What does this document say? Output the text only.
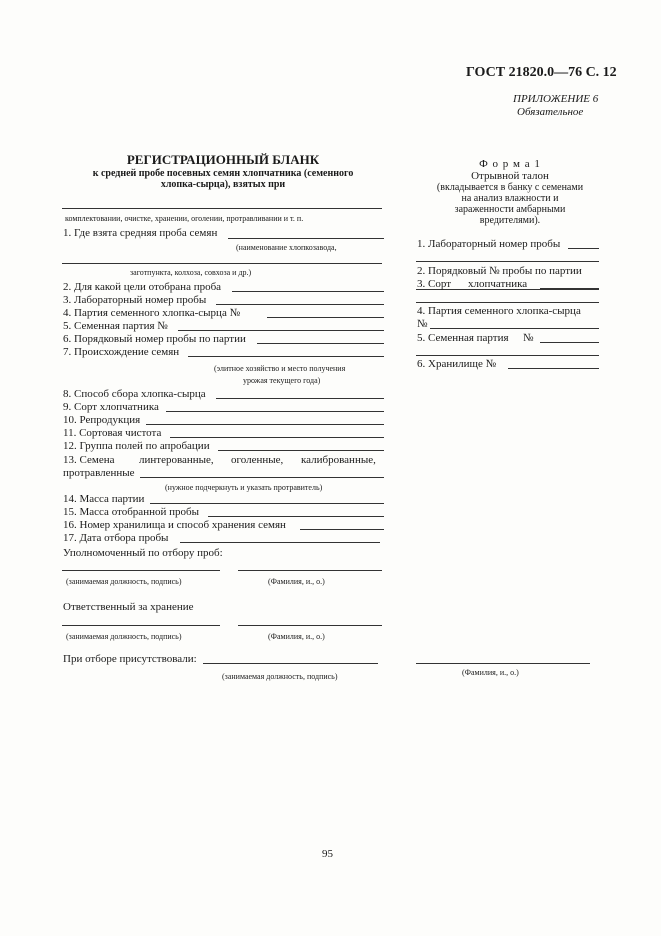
ГОСТ 21820.0—76 С. 12
ПРИЛОЖЕНИЕ 6
Обязательное
РЕГИСТРАЦИОННЫЙ БЛАНК
к средней пробе посевных семян хлопчатника (семенного
хлопка-сырца), взятых при
комплектовании, очистке, хранении, оголении, протравливании и т. п.
1. Где взята средняя проба семян
(наименование хлопкозавода,
заготпункта, колхоза, совхоза и др.)
2. Для какой цели отобрана проба
3. Лабораторный номер пробы
4. Партия семенного хлопка-сырца №
5. Семенная партия №
6. Порядковый номер пробы по партии
7. Происхождение семян
(элитное хозяйство и место получения
урожая текущего года)
8. Способ сбора хлопка-сырца
9. Сорт хлопчатника
10. Репродукция
11. Сортовая чистота
12. Группа полей по апробации
13. Семена линтерованные, оголенные, калиброванные,
протравленные
(нужное подчеркнуть и указать протравитель)
14. Масса партии
15. Масса отобранной пробы
16. Номер хранилища и способ хранения семян
17. Дата отбора пробы
Уполномоченный по отбору проб:
(занимаемая должность, подпись)	(Фамилия, и., о.)
Ответственный за хранение
(занимаемая должность, подпись)	(Фамилия, и., о.)
При отборе присутствовали:
(занимаемая должность, подпись)
Ф о р м а 1
Отрывной талон
(вкладывается в банку с семенами
на анализ влажности и
зараженности амбарными
вредителями).
1. Лабораторный номер пробы
2. Порядковый № пробы по партии
3. Сорт хлопчатника
4. Партия семенного хлопка-сырца
№
5. Семенная партия №
6. Хранилище №
(Фамилия, и., о.)
95
